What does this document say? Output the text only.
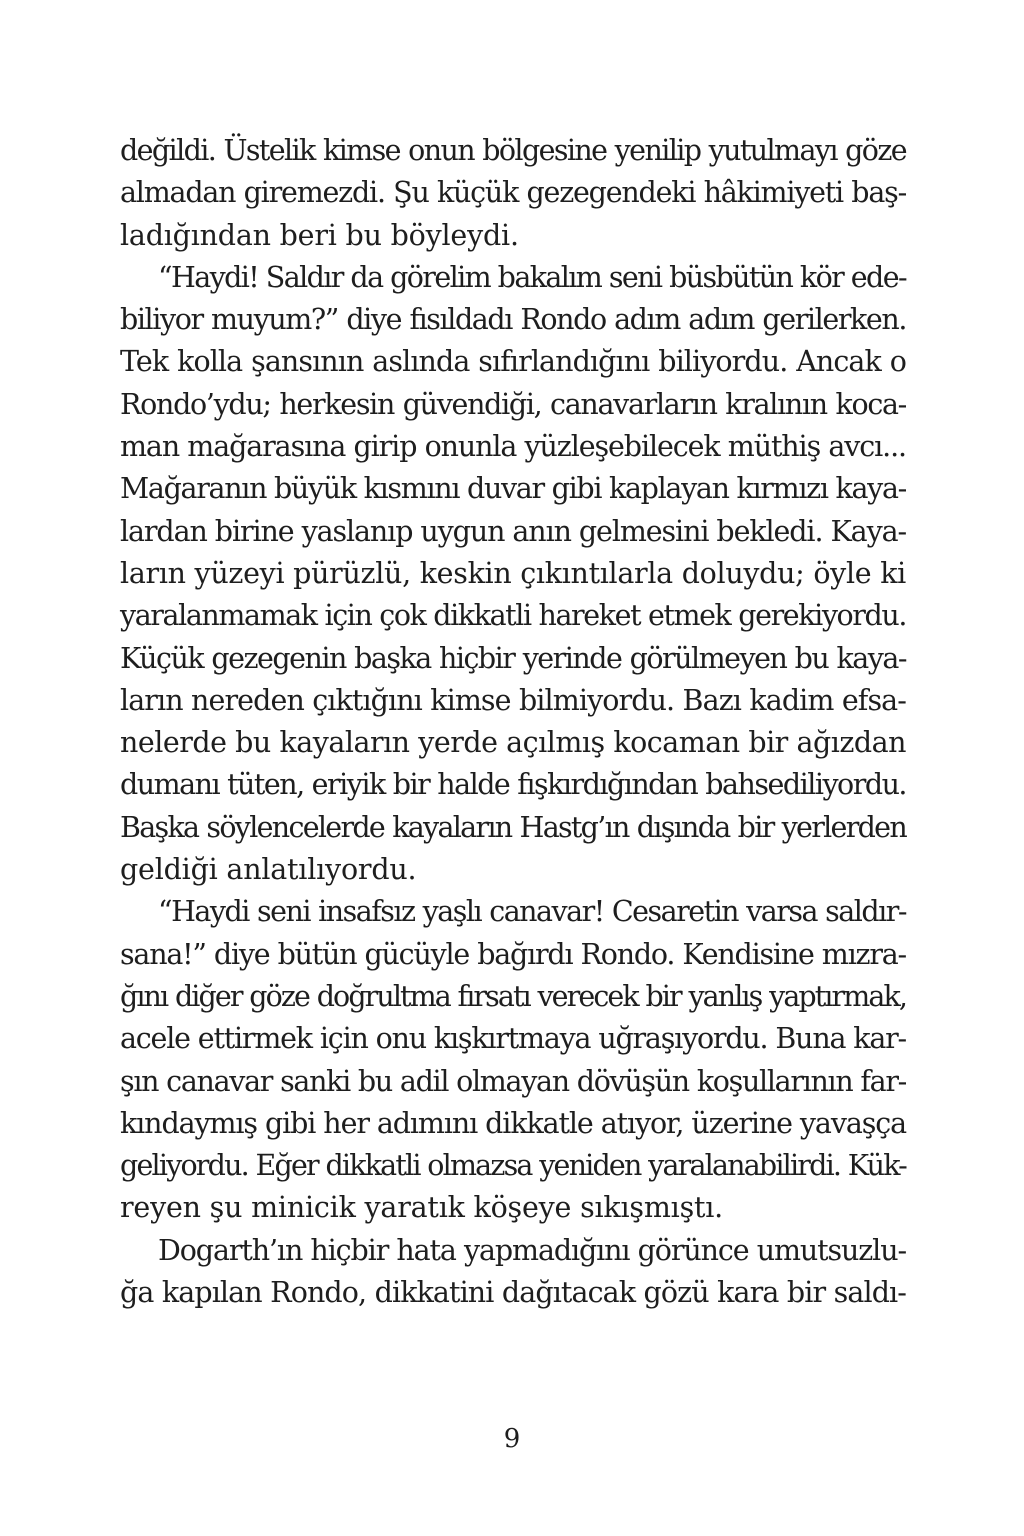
değildi. Üstelik kimse onun bölgesine yenilip yutulmayı göze
almadan giremezdi. Şu küçük gezegendeki hâkimiyeti baş-
ladığından beri bu böyleydi.
“Haydi! Saldır da görelim bakalım seni büsbütün kör ede-
biliyor muyum?” diye fısıldadı Rondo adım adım gerilerken.
Tek kolla şansının aslında sıfırlandığını biliyordu. Ancak o
Rondo’ydu; herkesin güvendiği, canavarların kralının koca-
man mağarasına girip onunla yüzleşebilecek müthiş avcı...
Mağaranın büyük kısmını duvar gibi kaplayan kırmızı kaya-
lardan birine yaslanıp uygun anın gelmesini bekledi. Kaya-
ların yüzeyi pürüzlü, keskin çıkıntılarla doluydu; öyle ki
yaralanmamak için çok dikkatli hareket etmek gerekiyordu.
Küçük gezegenin başka hiçbir yerinde görülmeyen bu kaya-
ların nereden çıktığını kimse bilmiyordu. Bazı kadim efsa-
nelerde bu kayaların yerde açılmış kocaman bir ağızdan
dumanı tüten, eriyik bir halde fışkırdığından bahsediliyordu.
Başka söylencelerde kayaların Hastg’ın dışında bir yerlerden
geldiği anlatılıyordu.
“Haydi seni insafsız yaşlı canavar! Cesaretin varsa saldır-
sana!” diye bütün gücüyle bağırdı Rondo. Kendisine mızra-
ğını diğer göze doğrultma fırsatı verecek bir yanlış yaptırmak,
acele ettirmek için onu kışkırtmaya uğraşıyordu. Buna kar-
şın canavar sanki bu adil olmayan dövüşün koşullarının far-
kındaymış gibi her adımını dikkatle atıyor, üzerine yavaşça
geliyordu. Eğer dikkatli olmazsa yeniden yaralanabilirdi. Kük-
reyen şu minicik yaratık köşeye sıkışmıştı.
Dogarth’ın hiçbir hata yapmadığını görünce umutsuzlu-
ğa kapılan Rondo, dikkatini dağıtacak gözü kara bir saldı-
9
